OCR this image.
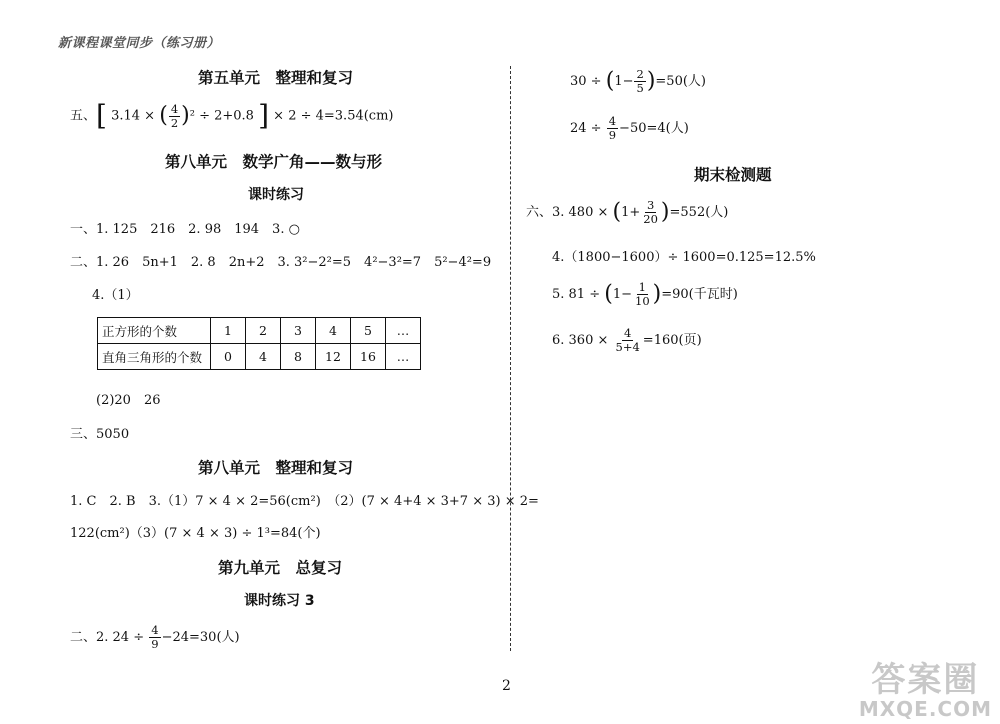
新课程课堂同步（练习册）
第五单元　整理和复习
五、[ 3.14 × ( $\frac{4}{2} )^2 \div 2+0.8$ ] × 2 ÷ 4=3.54(cm)
第八单元　数学广角——数与形
课时练习
一、1. 125　216　2. 98　194　3. ○
二、1. 26　5n+1　2. 8　2n+2　3. 3²−2²=5　4²−3²=7　5²−4²=9
4.（1）
正方形的个数	1	2	3	4	5	…
直角三角形的个数	0	4	8	12	16	…
(2)20　26
三、5050
第八单元　整理和复习
1. C　2. B　3.（1）7 × 4 × 2=56(cm²)　（2）(7 × 4+4 × 3+7 × 3) × 2=
122(cm²)（3）(7 × 4 × 3) ÷ 1³=84(个)
第九单元　总复习
课时练习 3
二、2. $24 \div \frac{4}{9} -24=30$(人)
$30 \div (1- \frac{2}{5} )=50$(人)
$24 \div \frac{4}{9} -50=4$(人)
期末检测题
六、3. $480 \times (1+ \frac{3}{20} )=552$(人)
4.（1800−1600）÷ 1600=0.125=12.5%
5. $81 \div (1- \frac{1}{10} )=90$(千瓦时)
6. $360 \times \frac{4}{5+4} =160$(页)
2	答案圈
MXQE.COM
